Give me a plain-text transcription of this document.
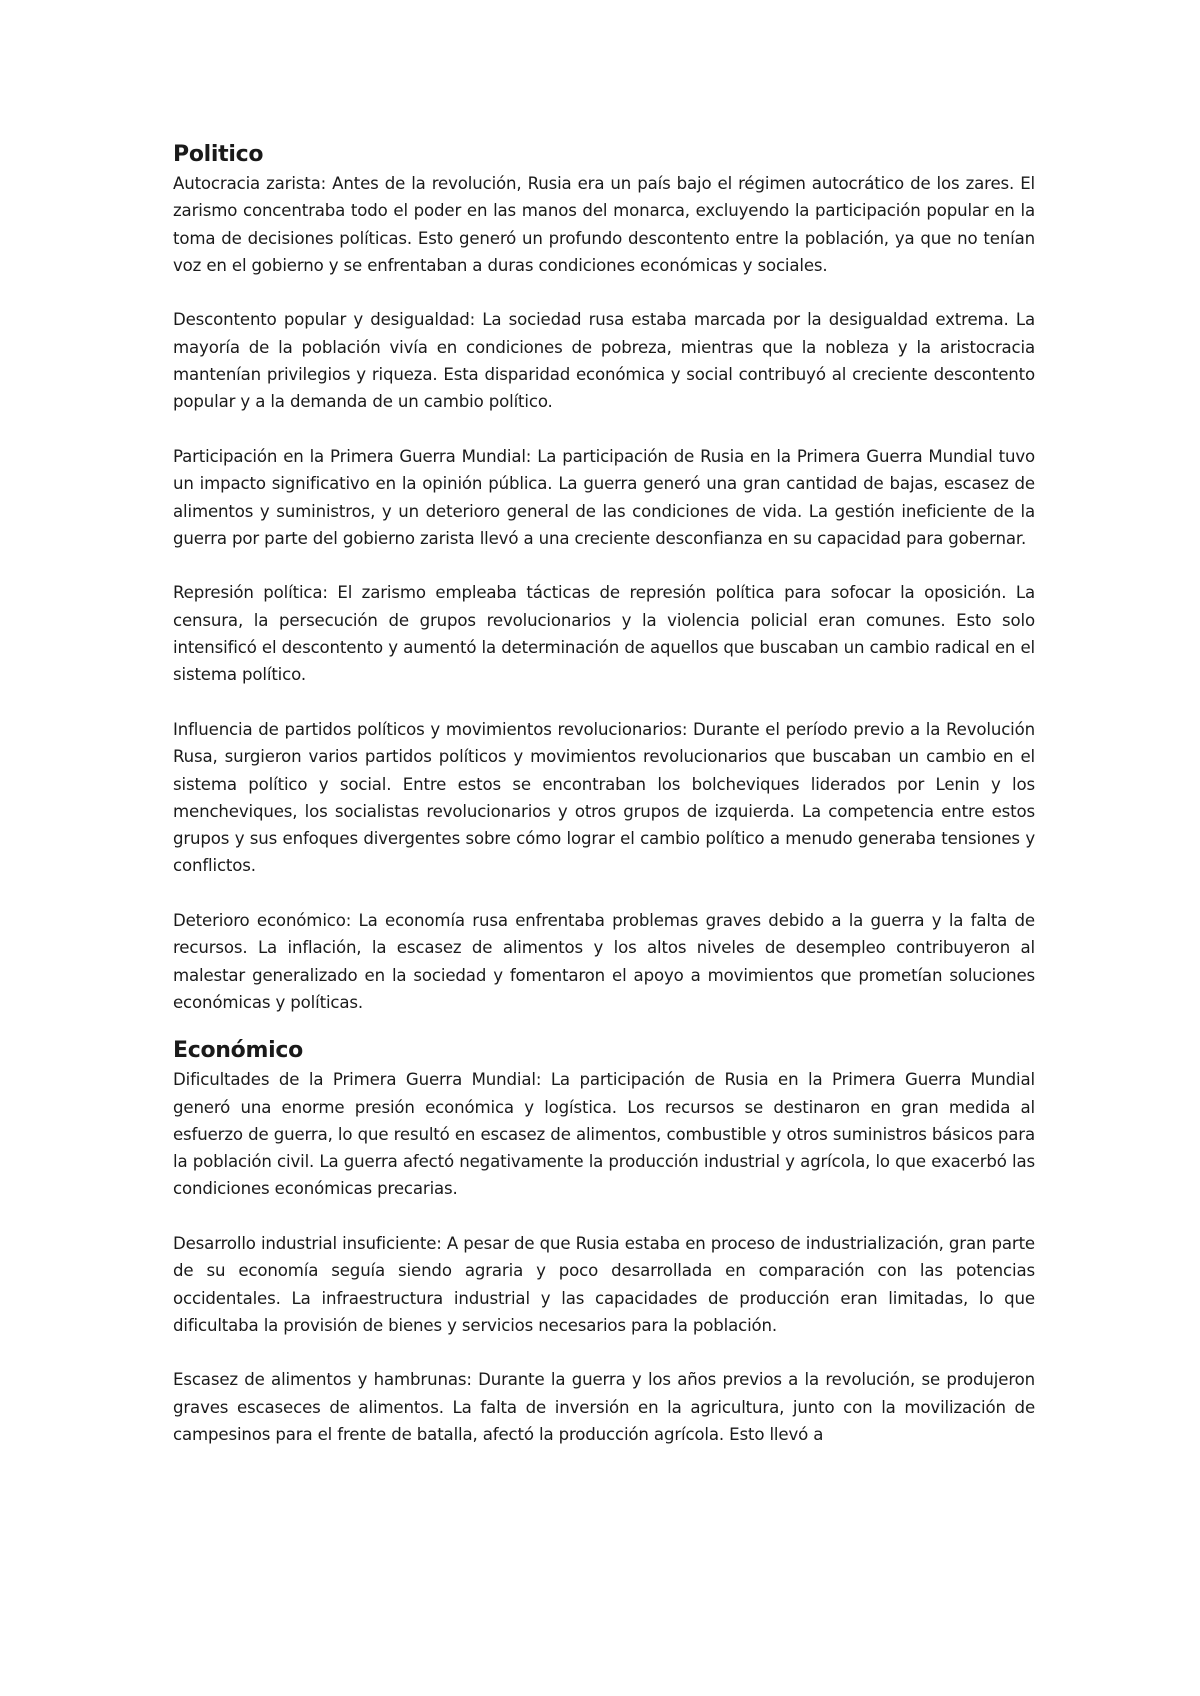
Politico

Autocracia zarista: Antes de la revolución, Rusia era un país bajo el régimen autocrático de los zares. El zarismo concentraba todo el poder en las manos del monarca, excluyendo la participación popular en la toma de decisiones políticas. Esto generó un profundo descontento entre la población, ya que no tenían voz en el gobierno y se enfrentaban a duras condiciones económicas y sociales.

Descontento popular y desigualdad: La sociedad rusa estaba marcada por la desigualdad extrema. La mayoría de la población vivía en condiciones de pobreza, mientras que la nobleza y la aristocracia mantenían privilegios y riqueza. Esta disparidad económica y social contribuyó al creciente descontento popular y a la demanda de un cambio político.

Participación en la Primera Guerra Mundial: La participación de Rusia en la Primera Guerra Mundial tuvo un impacto significativo en la opinión pública. La guerra generó una gran cantidad de bajas, escasez de alimentos y suministros, y un deterioro general de las condiciones de vida. La gestión ineficiente de la guerra por parte del gobierno zarista llevó a una creciente desconfianza en su capacidad para gobernar.

Represión política: El zarismo empleaba tácticas de represión política para sofocar la oposición. La censura, la persecución de grupos revolucionarios y la violencia policial eran comunes. Esto solo intensificó el descontento y aumentó la determinación de aquellos que buscaban un cambio radical en el sistema político.

Influencia de partidos políticos y movimientos revolucionarios: Durante el período previo a la Revolución Rusa, surgieron varios partidos políticos y movimientos revolucionarios que buscaban un cambio en el sistema político y social. Entre estos se encontraban los bolcheviques liderados por Lenin y los mencheviques, los socialistas revolucionarios y otros grupos de izquierda. La competencia entre estos grupos y sus enfoques divergentes sobre cómo lograr el cambio político a menudo generaba tensiones y conflictos.

Deterioro económico: La economía rusa enfrentaba problemas graves debido a la guerra y la falta de recursos. La inflación, la escasez de alimentos y los altos niveles de desempleo contribuyeron al malestar generalizado en la sociedad y fomentaron el apoyo a movimientos que prometían soluciones económicas y políticas.

Económico

Dificultades de la Primera Guerra Mundial: La participación de Rusia en la Primera Guerra Mundial generó una enorme presión económica y logística. Los recursos se destinaron en gran medida al esfuerzo de guerra, lo que resultó en escasez de alimentos, combustible y otros suministros básicos para la población civil. La guerra afectó negativamente la producción industrial y agrícola, lo que exacerbó las condiciones económicas precarias.

Desarrollo industrial insuficiente: A pesar de que Rusia estaba en proceso de industrialización, gran parte de su economía seguía siendo agraria y poco desarrollada en comparación con las potencias occidentales. La infraestructura industrial y las capacidades de producción eran limitadas, lo que dificultaba la provisión de bienes y servicios necesarios para la población.

Escasez de alimentos y hambrunas: Durante la guerra y los años previos a la revolución, se produjeron graves escaseces de alimentos. La falta de inversión en la agricultura, junto con la movilización de campesinos para el frente de batalla, afectó la producción agrícola. Esto llevó a
